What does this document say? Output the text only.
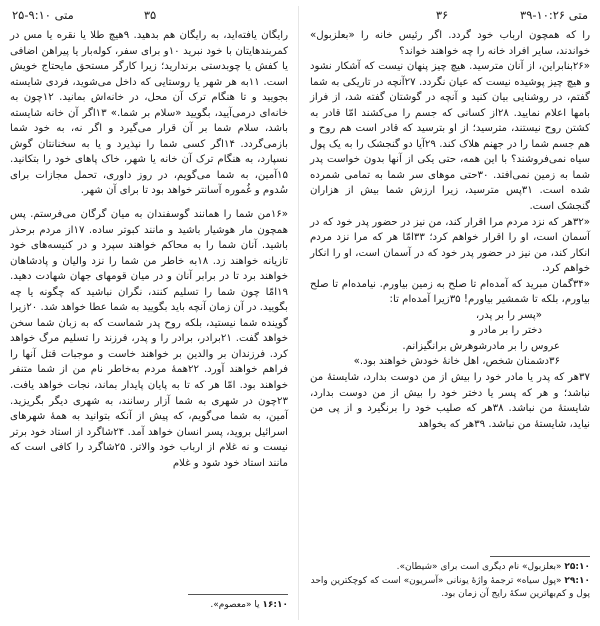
متی ۹:۱۰-۲۵	۳۵

رایگان یافته‌اید، به رایگان هم بدهید. ۹هیچ طلا یا نقره یا مس در کمربندهایتان با خود نبرید ۱۰و برای سفر، کوله‌بار یا پیراهن اضافی یا کفش یا چوبدستی برندارید؛ زیرا کارگر مستحق مایحتاج خویش است. ۱۱به هر شهر یا روستایی که داخل می‌شوید، فردی شایسته بجویید و تا هنگام ترک آن محل، در خانه‌اش بمانید. ۱۲چون به خانه‌ای درمی‌آیید، بگویید «سلام بر شما.» ۱۳اگر آن خانه شایسته باشد، سلام شما بر آن قرار می‌گیرد و اگر نه، به خود شما بازمی‌گردد. ۱۴اگر کسی شما را نپذیرد و یا به سخنانتان گوش نسپارد، به هنگام ترک آن خانه یا شهر، خاک پاهای خود را بتکانید. ۱۵آمین، به شما می‌گویم، در روز داوری، تحمل مجازات برای سُدوم و غُموره آسانتر خواهد بود تا برای آن شهر.

«۱۶من شما را همانند گوسفندان به میان گرگان می‌فرستم. پس همچون مار هوشیار باشید و مانند کبوتر ساده. ۱۷از مردم برحذر باشید. آنان شما را به محاکم خواهند سپرد و در کنیسه‌های خود تازیانه خواهند زد. ۱۸به خاطر من شما را نزد والیان و پادشاهان خواهند برد تا در برابر آنان و در میان قومهای جهان شهادت دهید. ۱۹امّا چون شما را تسلیم کنند، نگران نباشید که چگونه یا چه بگویید. در آن زمان آنچه باید بگویید به شما عطا خواهد شد. ۲۰زیرا گوینده شما نیستید، بلکه روح پدر شماست که به زبان شما سخن خواهد گفت. ۲۱برادر، برادر را و پدر، فرزند را تسلیم مرگ خواهد کرد. فرزندان بر والدین بر خواهند خاست و موجبات قتل آنها را فراهم خواهند آورد. ۲۲همهٔ مردم به‌خاطر نام من از شما متنفر خواهند بود. امّا هر که تا به پایان پایدار بماند، نجات خواهد یافت. ۲۳چون در شهری به شما آزار رسانند، به شهری دیگر بگریزید. آمین، به شما می‌گویم، که پیش از آنکه بتوانید به همهٔ شهرهای اسرائیل بروید، پسر انسان خواهد آمد. ۲۴شاگرد از استاد خود برتر نیست و نه غلام از ارباب خود والاتر. ۲۵شاگرد را کافی است که مانند استاد خود شود و غلام

۱۶:۱۰ یا «معصوم».

متی ۱۰:۲۶-۳۹
۳۶

را که همچون ارباب خود گردد. اگر رئیس خانه را «بعلزبول» خواندند، سایر افراد خانه را چه خواهند خواند؟

«۲۶بنابراین، از آنان مترسید. هیچ چیز پنهان نیست که آشکار نشود و هیچ چیز پوشیده نیست که عیان نگردد. ۲۷آنچه در تاریکی به شما گفتم، در روشنایی بیان کنید و آنچه در گوشتان گفته شد، از فراز بامها اعلام نمایید. ۲۸از کسانی که جسم را می‌کشند امّا قادر به کشتن روح نیستند، مترسید؛ از او بترسید که قادر است هم روح و هم جسم شما را در جهنم هلاک کند. ۲۹آیا دو گنجشک را به یک پول سیاه نمی‌فروشند؟ با این همه، حتی یکی از آنها بدون خواست پدر شما به زمین نمی‌افتد. ۳۰حتی موهای سر شما به تمامی شمرده شده است. ۳۱پس مترسید، زیرا ارزش شما بیش از هزاران گنجشک است.

«۳۲هر که نزد مردم مرا اقرار کند، من نیز در حضور پدر خود که در آسمان است، او را اقرار خواهم کرد؛ ۳۳امّا هر که مرا نزد مردم انکار کند، من نیز در حضور پدر خود که در آسمان است، او را انکار خواهم کرد.

«۳۴گمان مبرید که آمده‌ام تا صلح به زمین بیاورم. نیامده‌ام تا صلح بیاورم، بلکه تا شمشیر بیاورم! ۳۵زیرا آمده‌ام تا:

«پسر را بر پدر،
دختر را بر مادر و
عروس را بر مادرشوهرش برانگیزانم.
۳۶دشمنان شخص، اهل خانهٔ خودش خواهند بود.»

۳۷هر که پدر یا مادر خود را بیش از من دوست بدارد، شایستهٔ من نباشد؛ و هر که پسر یا دختر خود را بیش از من دوست بدارد، شایستهٔ من نباشد. ۳۸هر که صلیب خود را برنگیرد و از پی من نیاید، شایستهٔ من نباشد. ۳۹هر که بخواهد

۲۵:۱۰ «بعلزبول» نام دیگری است برای «شیطان».

۲۹:۱۰ «پول سیاه» ترجمهٔ واژهٔ یونانی «آسریون» است که کوچکترین واحد پول و کم‌بهاترین سکهٔ رایج آن زمان بود.
